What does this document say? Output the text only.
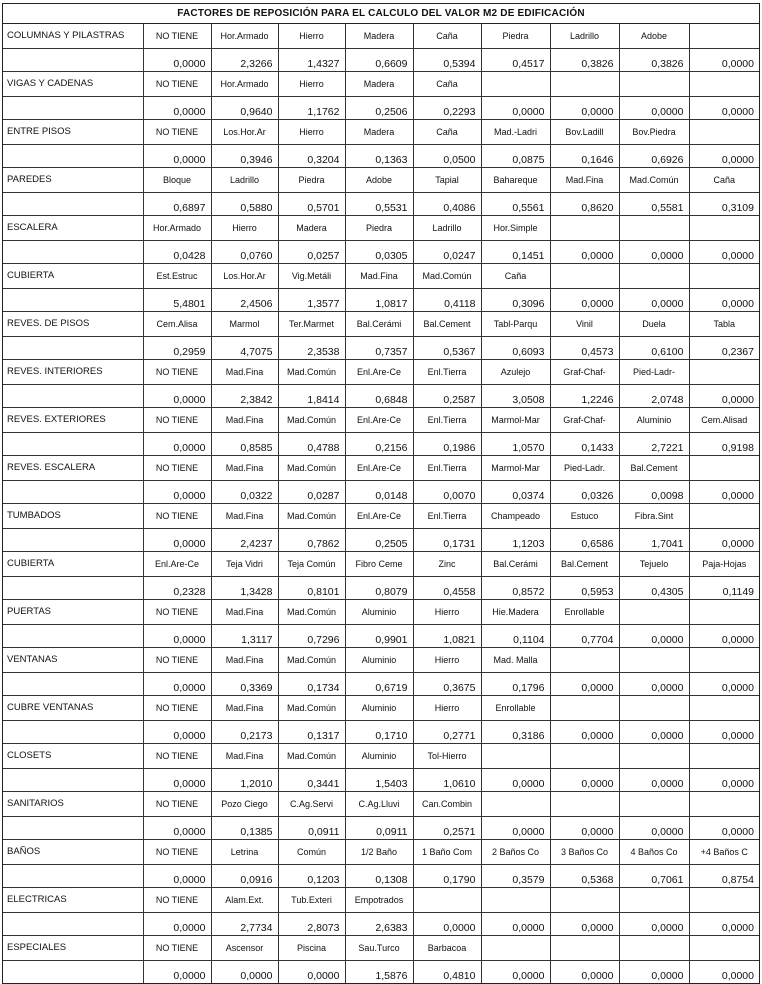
FACTORES DE REPOSICIÓN PARA EL CALCULO DEL VALOR M2 DE EDIFICACIÓN
COLUMNAS Y PILASTRAS	NO TIENE	Hor.Armado	Hierro	Madera	Caña	Piedra	Ladrillo	Adobe	
	0,0000	2,3266	1,4327	0,6609	0,5394	0,4517	0,3826	0,3826	0,0000
VIGAS Y CADENAS	NO TIENE	Hor.Armado	Hierro	Madera	Caña				
	0,0000	0,9640	1,1762	0,2506	0,2293	0,0000	0,0000	0,0000	0,0000
ENTRE PISOS	NO TIENE	Los.Hor.Ar	Hierro	Madera	Caña	Mad.-Ladri	Bov.Ladill	Bov.Piedra	
	0,0000	0,3946	0,3204	0,1363	0,0500	0,0875	0,1646	0,6926	0,0000
PAREDES	Bloque	Ladrillo	Piedra	Adobe	Tapial	Bahareque	Mad.Fina	Mad.Común	Caña
	0,6897	0,5880	0,5701	0,5531	0,4086	0,5561	0,8620	0,5581	0,3109
ESCALERA	Hor.Armado	Hierro	Madera	Piedra	Ladrillo	Hor.Simple			
	0,0428	0,0760	0,0257	0,0305	0,0247	0,1451	0,0000	0,0000	0,0000
CUBIERTA	Est.Estruc	Los.Hor.Ar	Vig.Metáli	Mad.Fina	Mad.Común	Caña			
	5,4801	2,4506	1,3577	1,0817	0,4118	0,3096	0,0000	0,0000	0,0000
REVES. DE PISOS	Cem.Alisa	Marmol	Ter.Marmet	Bal.Cerámi	Bal.Cement	Tabl-Parqu	Vinil	Duela	Tabla
	0,2959	4,7075	2,3538	0,7357	0,5367	0,6093	0,4573	0,6100	0,2367
REVES. INTERIORES	NO TIENE	Mad.Fina	Mad.Común	Enl.Are-Ce	Enl.Tierra	Azulejo	Graf-Chaf-	Pied-Ladr-	
	0,0000	2,3842	1,8414	0,6848	0,2587	3,0508	1,2246	2,0748	0,0000
REVES. EXTERIORES	NO TIENE	Mad.Fina	Mad.Común	Enl.Are-Ce	Enl.Tierra	Marmol-Mar	Graf-Chaf-	Aluminio	Cem.Alisad
	0,0000	0,8585	0,4788	0,2156	0,1986	1,0570	0,1433	2,7221	0,9198
REVES. ESCALERA	NO TIENE	Mad.Fina	Mad.Común	Enl.Are-Ce	Enl.Tierra	Marmol-Mar	Pied-Ladr.	Bal.Cement	
	0,0000	0,0322	0,0287	0,0148	0,0070	0,0374	0,0326	0,0098	0,0000
TUMBADOS	NO TIENE	Mad.Fina	Mad.Común	Enl.Are-Ce	Enl.Tierra	Champeado	Estuco	Fibra.Sint	
	0,0000	2,4237	0,7862	0,2505	0,1731	1,1203	0,6586	1,7041	0,0000
CUBIERTA	Enl.Are-Ce	Teja Vidri	Teja Común	Fibro Ceme	Zinc	Bal.Cerámi	Bal.Cement	Tejuelo	Paja-Hojas
	0,2328	1,3428	0,8101	0,8079	0,4558	0,8572	0,5953	0,4305	0,1149
PUERTAS	NO TIENE	Mad.Fina	Mad.Común	Aluminio	Hierro	Hie.Madera	Enrollable		
	0,0000	1,3117	0,7296	0,9901	1,0821	0,1104	0,7704	0,0000	0,0000
VENTANAS	NO TIENE	Mad.Fina	Mad.Común	Aluminio	Hierro	Mad. Malla			
	0,0000	0,3369	0,1734	0,6719	0,3675	0,1796	0,0000	0,0000	0,0000
CUBRE VENTANAS	NO TIENE	Mad.Fina	Mad.Común	Aluminio	Hierro	Enrollable			
	0,0000	0,2173	0,1317	0,1710	0,2771	0,3186	0,0000	0,0000	0,0000
CLOSETS	NO TIENE	Mad.Fina	Mad.Común	Aluminio	Tol-Hierro				
	0,0000	1,2010	0,3441	1,5403	1,0610	0,0000	0,0000	0,0000	0,0000
SANITARIOS	NO TIENE	Pozo Ciego	C.Ag.Servi	C.Ag.Lluvi	Can.Combin				
	0,0000	0,1385	0,0911	0,0911	0,2571	0,0000	0,0000	0,0000	0,0000
BAÑOS	NO TIENE	Letrina	Común	1/2 Baño	1 Baño Com	2 Baños Co	3 Baños Co	4 Baños Co	+4 Baños C
	0,0000	0,0916	0,1203	0,1308	0,1790	0,3579	0,5368	0,7061	0,8754
ELECTRICAS	NO TIENE	Alam.Ext.	Tub.Exteri	Empotrados					
	0,0000	2,7734	2,8073	2,6383	0,0000	0,0000	0,0000	0,0000	0,0000
ESPECIALES	NO TIENE	Ascensor	Piscina	Sau.Turco	Barbacoa				
	0,0000	0,0000	0,0000	1,5876	0,4810	0,0000	0,0000	0,0000	0,0000
